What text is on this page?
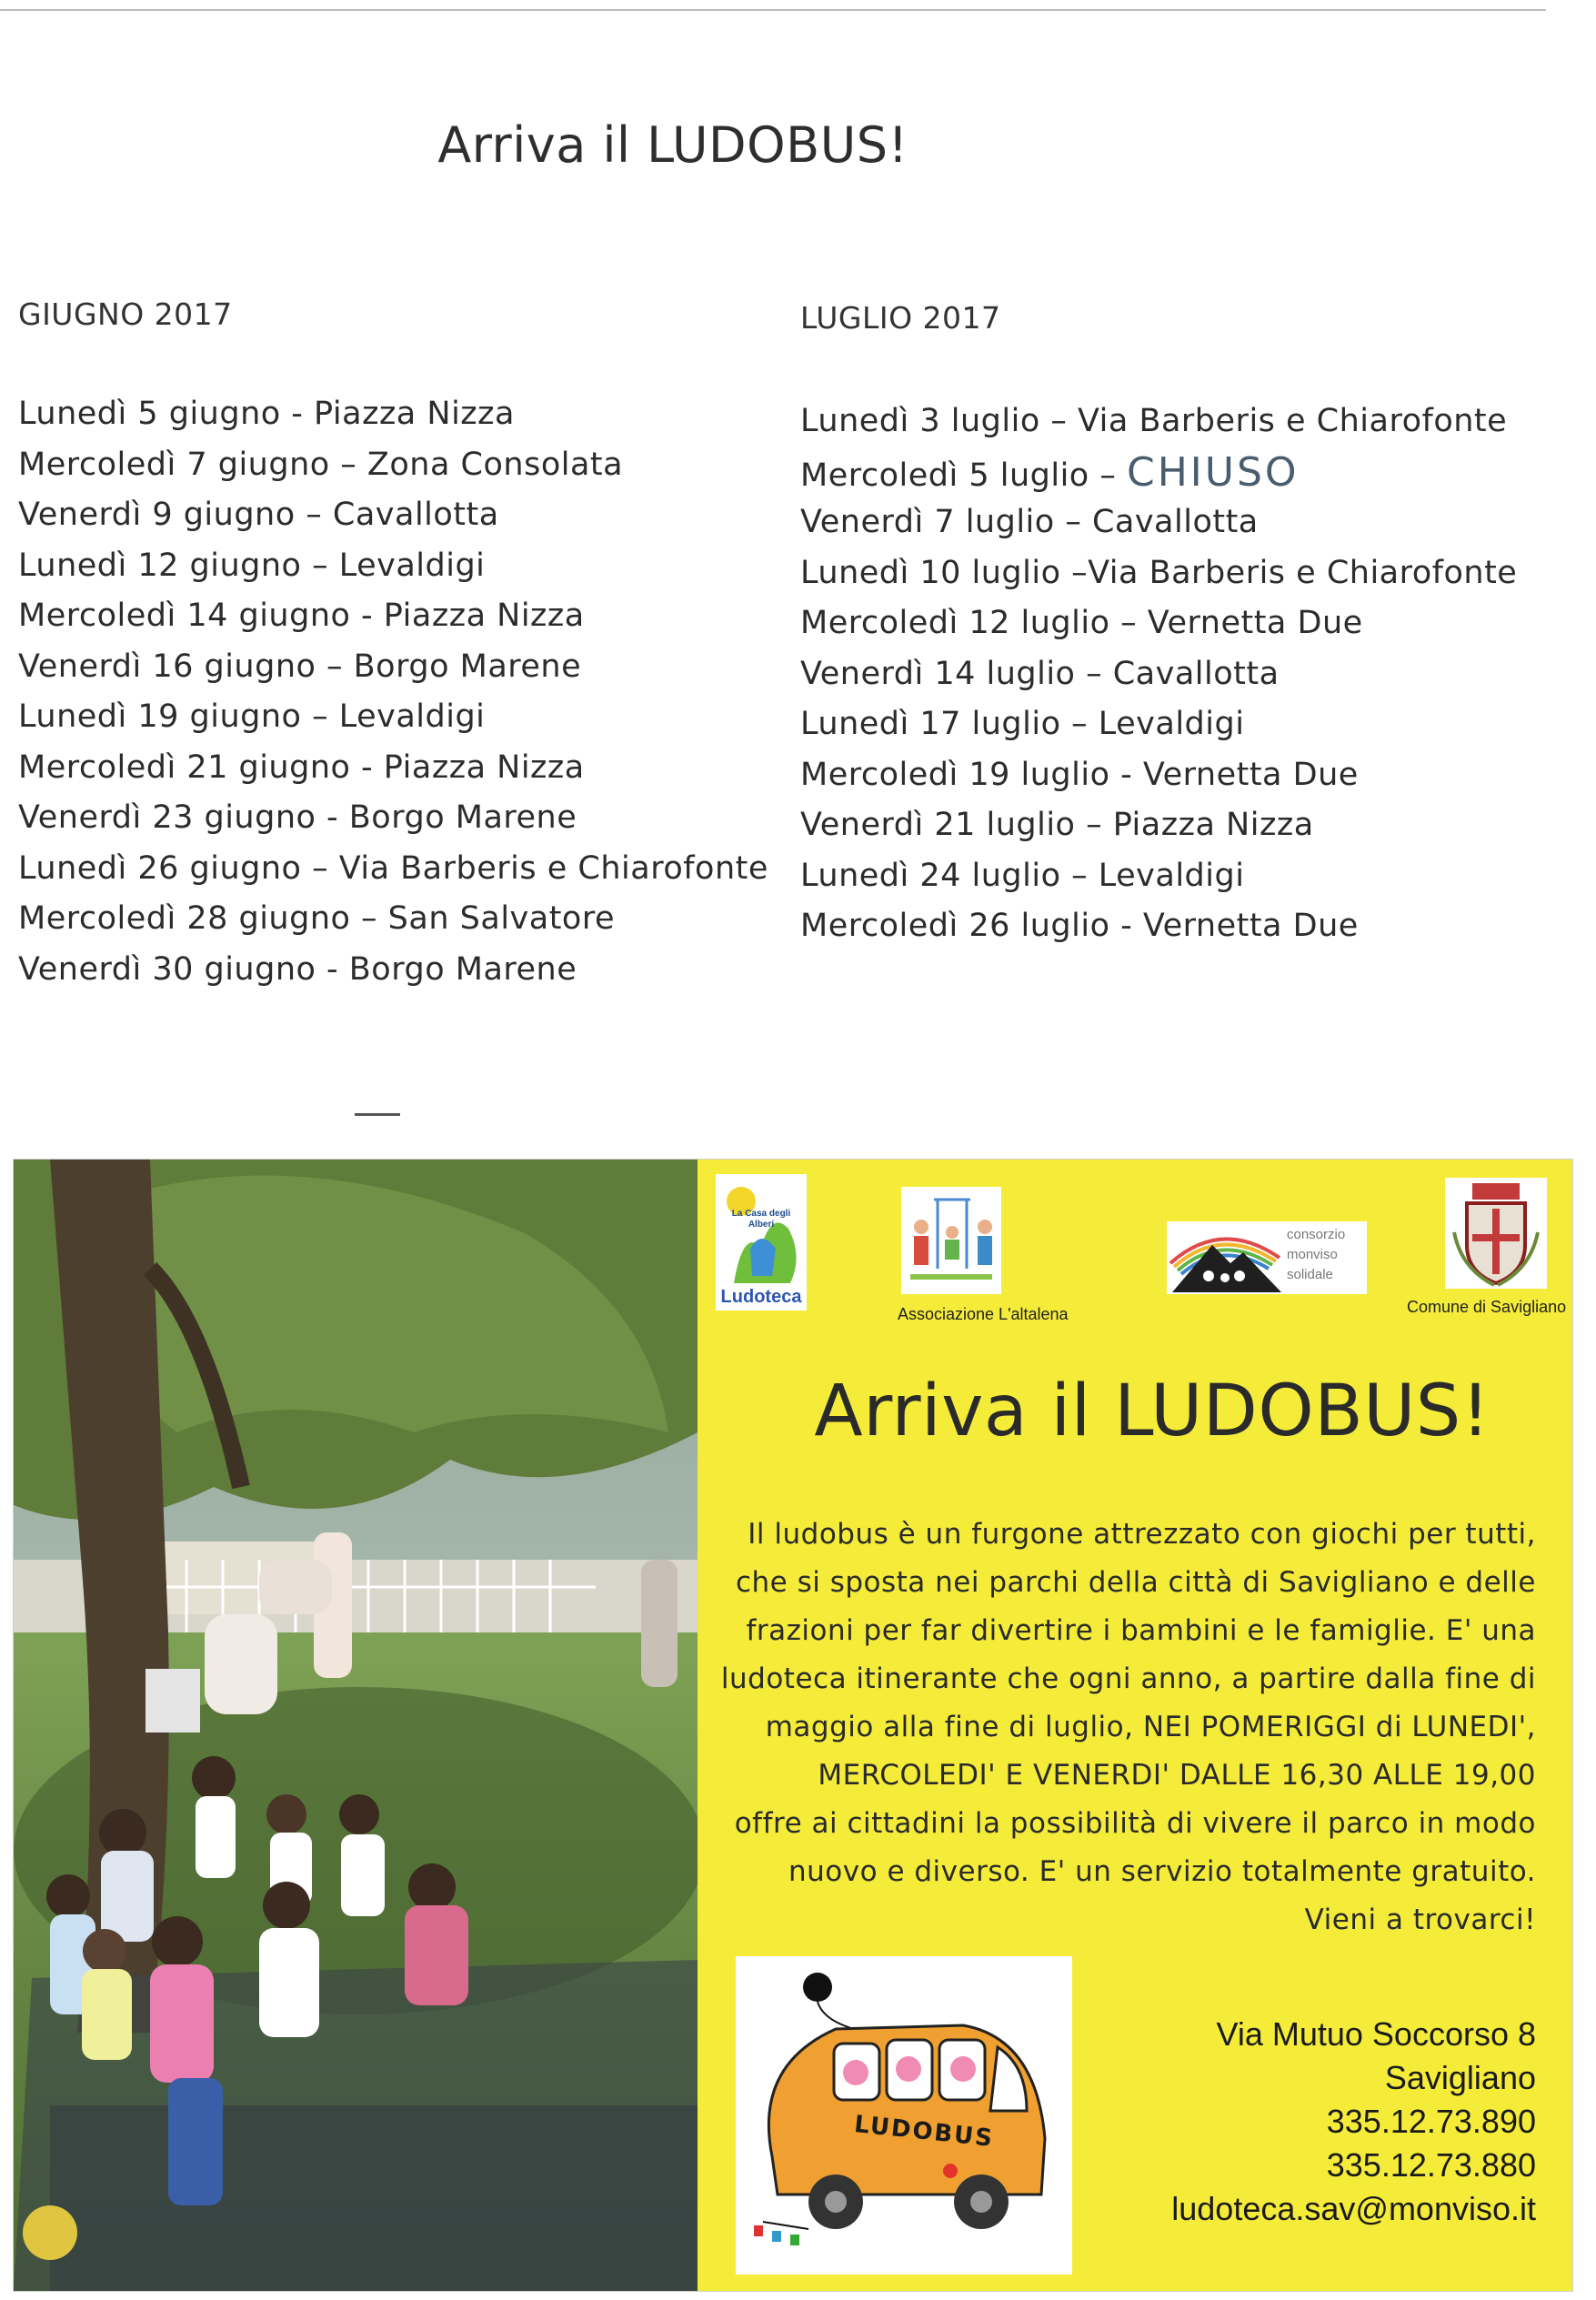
Arriva il LUDOBUS!
GIUGNO 2017
Lunedì 5 giugno - Piazza Nizza
Mercoledì 7 giugno – Zona Consolata
Venerdì 9 giugno – Cavallotta
Lunedì 12 giugno – Levaldigi
Mercoledì 14 giugno - Piazza Nizza
Venerdì 16 giugno – Borgo Marene
Lunedì 19 giugno – Levaldigi
Mercoledì 21 giugno - Piazza Nizza
Venerdì 23 giugno - Borgo Marene
Lunedì 26 giugno – Via Barberis e Chiarofonte
Mercoledì 28 giugno – San Salvatore
Venerdì 30 giugno - Borgo Marene
LUGLIO 2017
Lunedì 3 luglio – Via Barberis e Chiarofonte
Mercoledì 5 luglio – CHIUSO
Venerdì 7 luglio – Cavallotta
Lunedì 10 luglio –Via Barberis e Chiarofonte
Mercoledì 12 luglio – Vernetta Due
Venerdì 14 luglio – Cavallotta
Lunedì 17 luglio – Levaldigi
Mercoledì 19 luglio - Vernetta Due
Venerdì 21 luglio – Piazza Nizza
Lunedì 24 luglio – Levaldigi
Mercoledì 26 luglio - Vernetta Due
La Casa degli Alberi
Ludoteca
Associazione L'altalena
consorzio
monviso
solidale
Comune di Savigliano
Arriva il LUDOBUS!
Il ludobus è un furgone attrezzato con giochi per tutti,
che si sposta nei parchi della città di Savigliano e delle
frazioni per far divertire i bambini e le famiglie. E' una
ludoteca itinerante che ogni anno, a partire dalla fine di
maggio alla fine di luglio, NEI POMERIGGI di LUNEDI',
MERCOLEDI' E VENERDI' DALLE 16,30 ALLE 19,00
offre ai cittadini la possibilità di vivere il parco in modo
nuovo e diverso. E' un servizio totalmente gratuito.
Vieni a trovarci!
LUDOBUS
Via Mutuo Soccorso 8
Savigliano
335.12.73.890
335.12.73.880
ludoteca.sav@monviso.it
